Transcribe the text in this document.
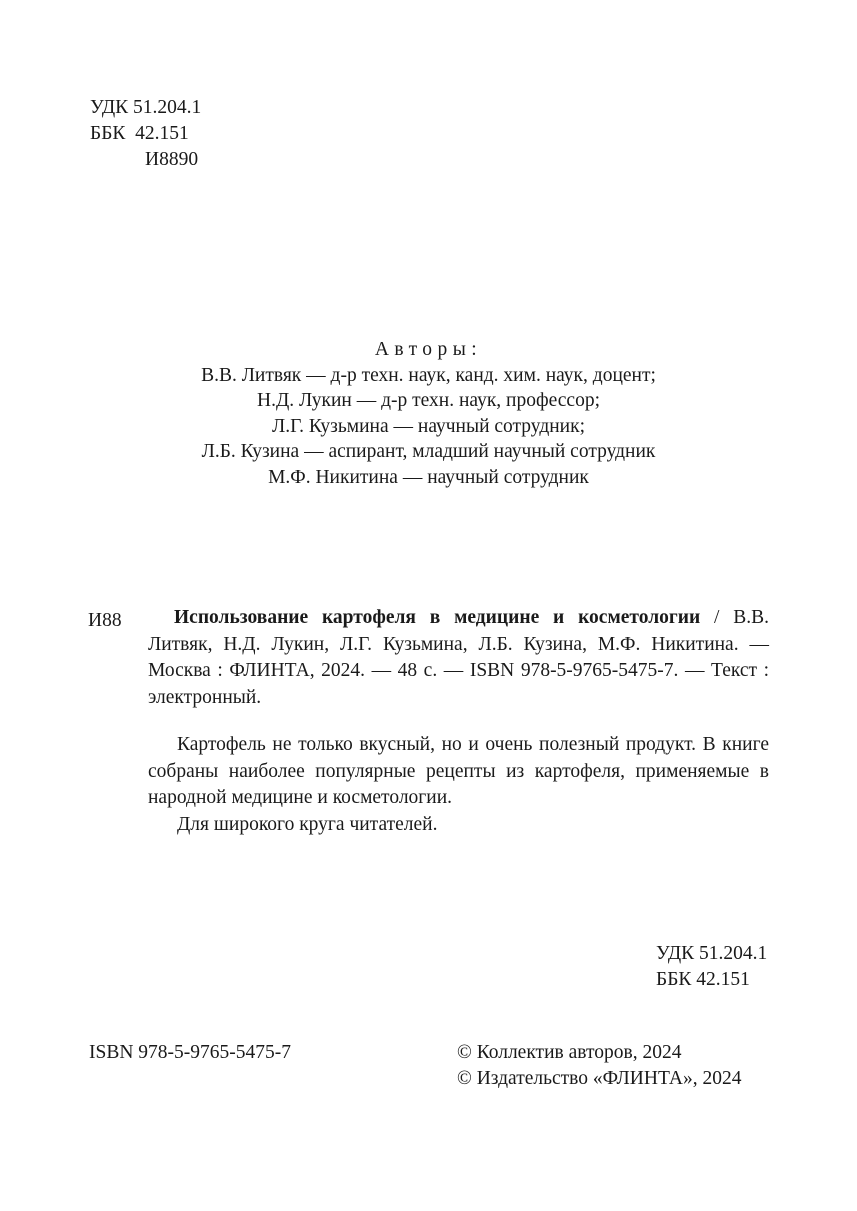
УДК 51.204.1
ББК  42.151
И8890
Авторы:
В.В. Литвяк — д-р техн. наук, канд. хим. наук, доцент;
Н.Д. Лукин — д-р техн. наук, профессор;
Л.Г. Кузьмина — научный сотрудник;
Л.Б. Кузина — аспирант, младший научный сотрудник
М.Ф. Никитина — научный сотрудник
И88	Использование картофеля в медицине и косметологии / В.В. Литвяк, Н.Д. Лукин, Л.Г. Кузьмина, Л.Б. Кузина, М.Ф. Никитина. — Москва : ФЛИНТА, 2024. — 48 с. — ISBN 978-5-9765-5475-7. — Текст : электронный.

Картофель не только вкусный, но и очень полезный продукт. В книге собраны наиболее популярные рецепты из картофеля, применяемые в народной медицине и косметологии.

Для широкого круга читателей.

УДК 51.204.1
ББК 42.151
ISBN 978-5-9765-5475-7	© Коллектив авторов, 2024
© Издательство «ФЛИНТА», 2024
